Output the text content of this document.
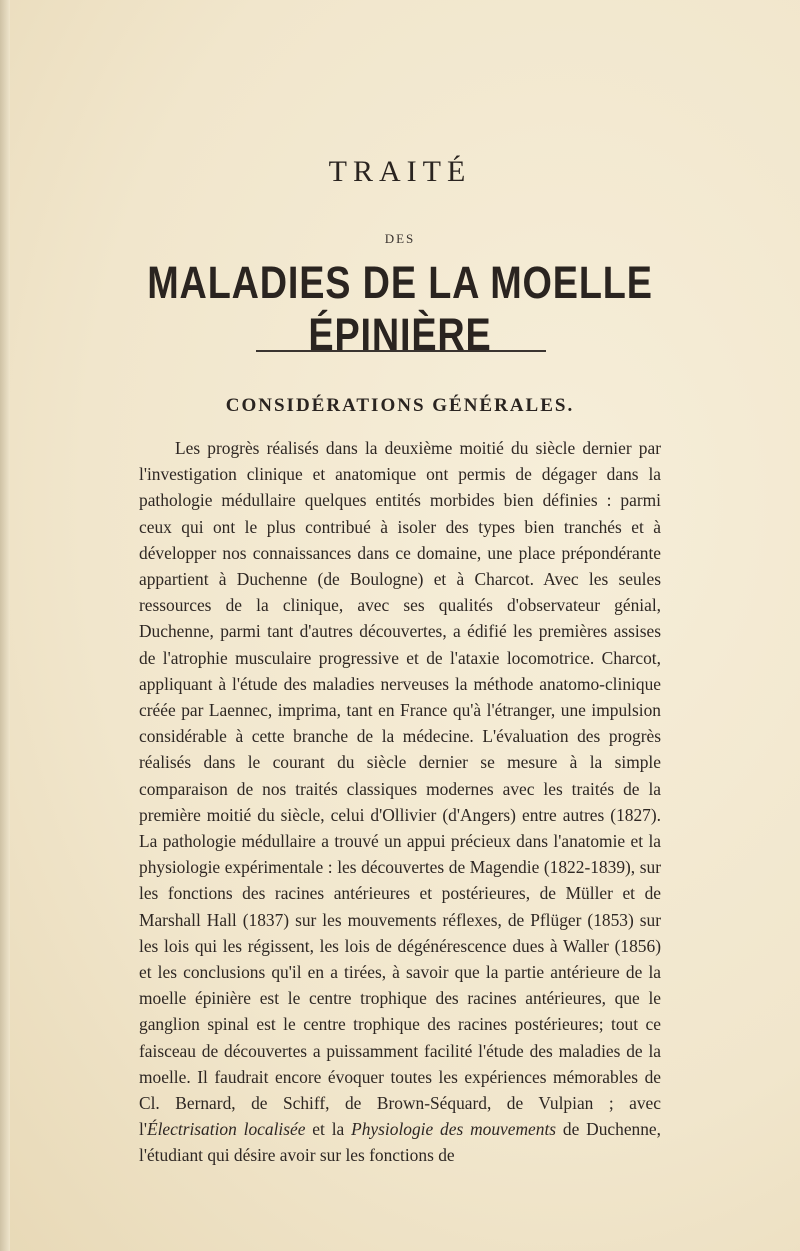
TRAITÉ
DES
MALADIES DE LA MOELLE ÉPINIÈRE
CONSIDÉRATIONS GÉNÉRALES.

Les progrès réalisés dans la deuxième moitié du siècle dernier par l'investigation clinique et anatomique ont permis de dégager dans la pathologie médullaire quelques entités morbides bien définies : parmi ceux qui ont le plus contribué à isoler des types bien tranchés et à développer nos connaissances dans ce domaine, une place prépondérante appartient à Duchenne (de Boulogne) et à Charcot. Avec les seules ressources de la clinique, avec ses qualités d'observateur génial, Duchenne, parmi tant d'autres découvertes, a édifié les premières assises de l'atrophie musculaire progressive et de l'ataxie locomotrice. Charcot, appliquant à l'étude des maladies nerveuses la méthode anatomo-clinique créée par Laennec, imprima, tant en France qu'à l'étranger, une impulsion considérable à cette branche de la médecine. L'évaluation des progrès réalisés dans le courant du siècle dernier se mesure à la simple comparaison de nos traités classiques modernes avec les traités de la première moitié du siècle, celui d'Ollivier (d'Angers) entre autres (1827). La pathologie médullaire a trouvé un appui précieux dans l'anatomie et la physiologie expérimentale : les découvertes de Magendie (1822-1839), sur les fonctions des racines antérieures et postérieures, de Müller et de Marshall Hall (1837) sur les mouvements réflexes, de Pflüger (1853) sur les lois qui les régissent, les lois de dégénérescence dues à Waller (1856) et les conclusions qu'il en a tirées, à savoir que la partie antérieure de la moelle épinière est le centre trophique des racines antérieures, que le ganglion spinal est le centre trophique des racines postérieures; tout ce faisceau de découvertes a puissamment facilité l'étude des maladies de la moelle. Il faudrait encore évoquer toutes les expériences mémorables de Cl. Bernard, de Schiff, de Brown-Séquard, de Vulpian ; avec l'Électrisation localisée et la Physiologie des mouvements de Duchenne, l'étudiant qui désire avoir sur les fonctions de
